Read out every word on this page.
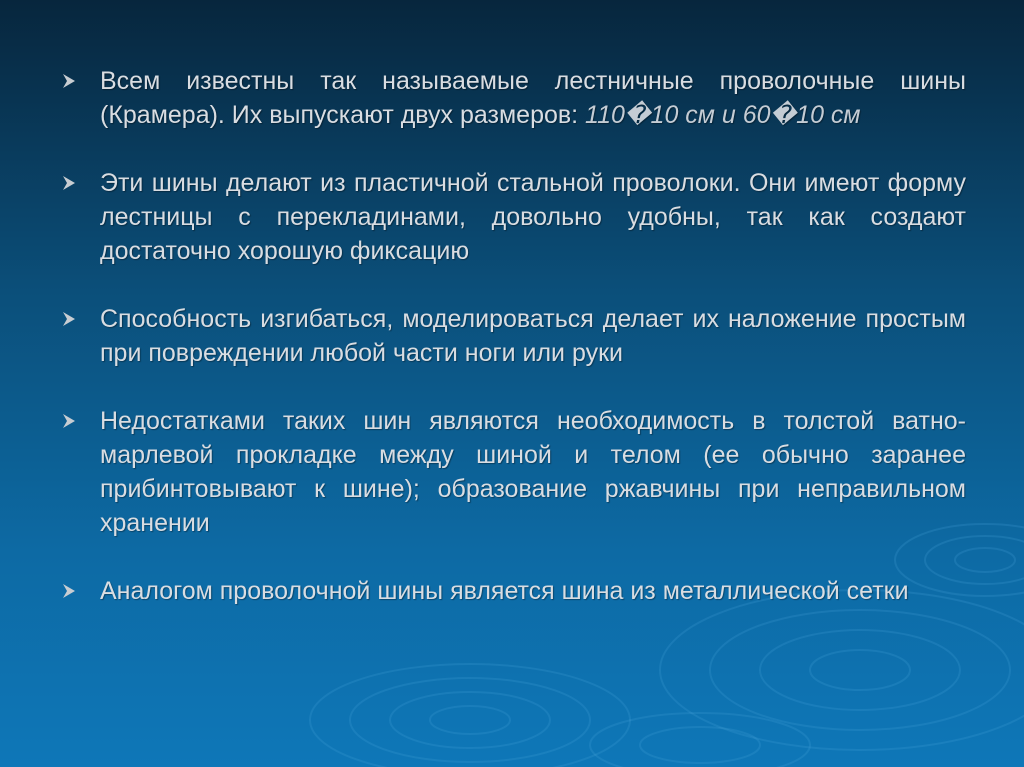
Всем известны так называемые лестничные проволочные шины (Крамера). Их выпускают двух размеров: 110�10 см и 60�10 см
Эти шины делают из пластичной стальной проволоки. Они имеют форму лестницы с перекладинами, довольно удобны, так как создают достаточно хорошую фиксацию
Способность изгибаться, моделироваться делает их наложение простым при повреждении любой части ноги или руки
Недостатками таких шин являются необходимость в толстой ватно-марлевой прокладке между шиной и телом (ее обычно заранее прибинтовывают к шине); образование ржавчины при неправильном хранении
Аналогом проволочной шины является шина из металлической сетки
